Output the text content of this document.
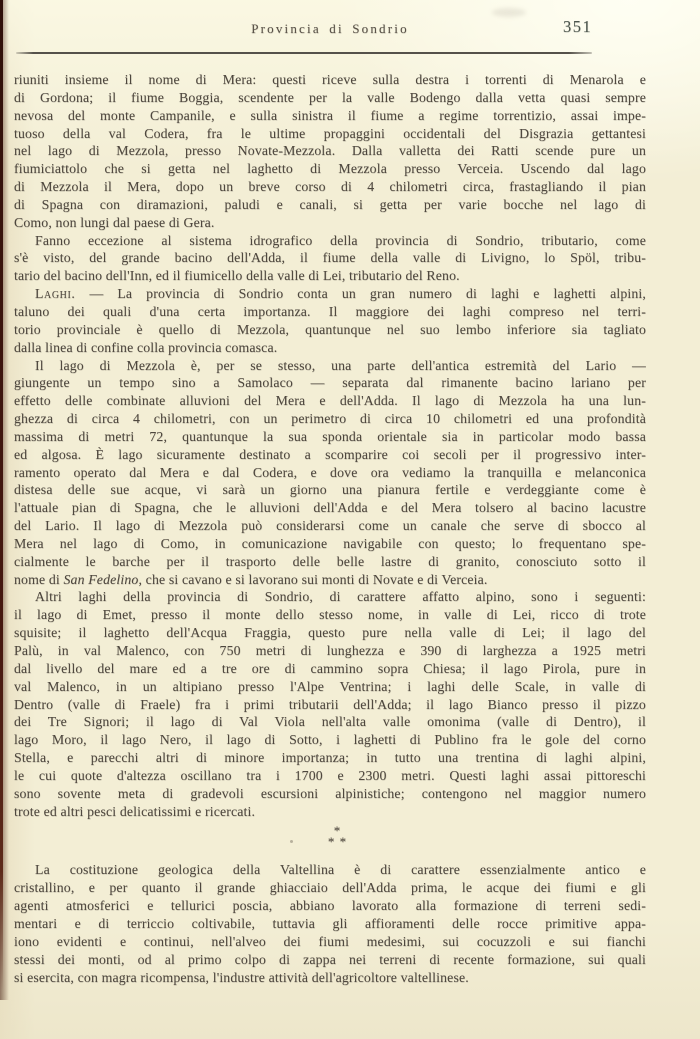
Provincia di Sondrio	351
riuniti insieme il nome di Mera: questi riceve sulla destra i torrenti di Menarola e
di Gordona; il fiume Boggia, scendente per la valle Bodengo dalla vetta quasi sempre
nevosa del monte Campanile, e sulla sinistra il fiume a regime torrentizio, assai impe-
tuoso della val Codera, fra le ultime propaggini occidentali del Disgrazia gettantesi
nel lago di Mezzola, presso Novate-Mezzola. Dalla valletta dei Ratti scende pure un
fiumiciattolo che si getta nel laghetto di Mezzola presso Verceia. Uscendo dal lago
di Mezzola il Mera, dopo un breve corso di 4 chilometri circa, frastagliando il pian
di Spagna con diramazioni, paludi e canali, si getta per varie bocche nel lago di
Como, non lungi dal paese di Gera.
Fanno eccezione al sistema idrografico della provincia di Sondrio, tributario, come
s'è visto, del grande bacino dell'Adda, il fiume della valle di Livigno, lo Spöl, tribu-
tario del bacino dell'Inn, ed il fiumicello della valle di Lei, tributario del Reno.
Laghi. — La provincia di Sondrio conta un gran numero di laghi e laghetti alpini,
taluno dei quali d'una certa importanza. Il maggiore dei laghi compreso nel terri-
torio provinciale è quello di Mezzola, quantunque nel suo lembo inferiore sia tagliato
dalla linea di confine colla provincia comasca.
Il lago di Mezzola è, per se stesso, una parte dell'antica estremità del Lario —
giungente un tempo sino a Samolaco — separata dal rimanente bacino lariano per
effetto delle combinate alluvioni del Mera e dell'Adda. Il lago di Mezzola ha una lun-
ghezza di circa 4 chilometri, con un perimetro di circa 10 chilometri ed una profondità
massima di metri 72, quantunque la sua sponda orientale sia in particolar modo bassa
ed algosa. È lago sicuramente destinato a scomparire coi secoli per il progressivo inter-
ramento operato dal Mera e dal Codera, e dove ora vediamo la tranquilla e melanconica
distesa delle sue acque, vi sarà un giorno una pianura fertile e verdeggiante come è
l'attuale pian di Spagna, che le alluvioni dell'Adda e del Mera tolsero al bacino lacustre
del Lario. Il lago di Mezzola può considerarsi come un canale che serve di sbocco al
Mera nel lago di Como, in comunicazione navigabile con questo; lo frequentano spe-
cialmente le barche per il trasporto delle belle lastre di granito, conosciuto sotto il
nome di San Fedelino, che si cavano e si lavorano sui monti di Novate e di Verceia.
Altri laghi della provincia di Sondrio, di carattere affatto alpino, sono i seguenti:
il lago di Emet, presso il monte dello stesso nome, in valle di Lei, ricco di trote
squisite; il laghetto dell'Acqua Fraggia, questo pure nella valle di Lei; il lago del
Palù, in val Malenco, con 750 metri di lunghezza e 390 di larghezza a 1925 metri
dal livello del mare ed a tre ore di cammino sopra Chiesa; il lago Pirola, pure in
val Malenco, in un altipiano presso l'Alpe Ventrina; i laghi delle Scale, in valle di
Dentro (valle di Fraele) fra i primi tributarii dell'Adda; il lago Bianco presso il pizzo
dei Tre Signori; il lago di Val Viola nell'alta valle omonima (valle di Dentro), il
lago Moro, il lago Nero, il lago di Sotto, i laghetti di Publino fra le gole del corno
Stella, e parecchi altri di minore importanza; in tutto una trentina di laghi alpini,
le cui quote d'altezza oscillano tra i 1700 e 2300 metri. Questi laghi assai pittoreschi
sono sovente meta di gradevoli escursioni alpinistiche; contengono nel maggior numero
trote ed altri pesci delicatissimi e ricercati.
*
* *
La costituzione geologica della Valtellina è di carattere essenzialmente antico e
cristallino, e per quanto il grande ghiacciaio dell'Adda prima, le acque dei fiumi e gli
agenti atmosferici e tellurici poscia, abbiano lavorato alla formazione di terreni sedi-
mentari e di terriccio coltivabile, tuttavia gli affioramenti delle rocce primitive appa-
iono evidenti e continui, nell'alveo dei fiumi medesimi, sui cocuzzoli e sui fianchi
stessi dei monti, od al primo colpo di zappa nei terreni di recente formazione, sui quali
si esercita, con magra ricompensa, l'industre attività dell'agricoltore valtellinese.
